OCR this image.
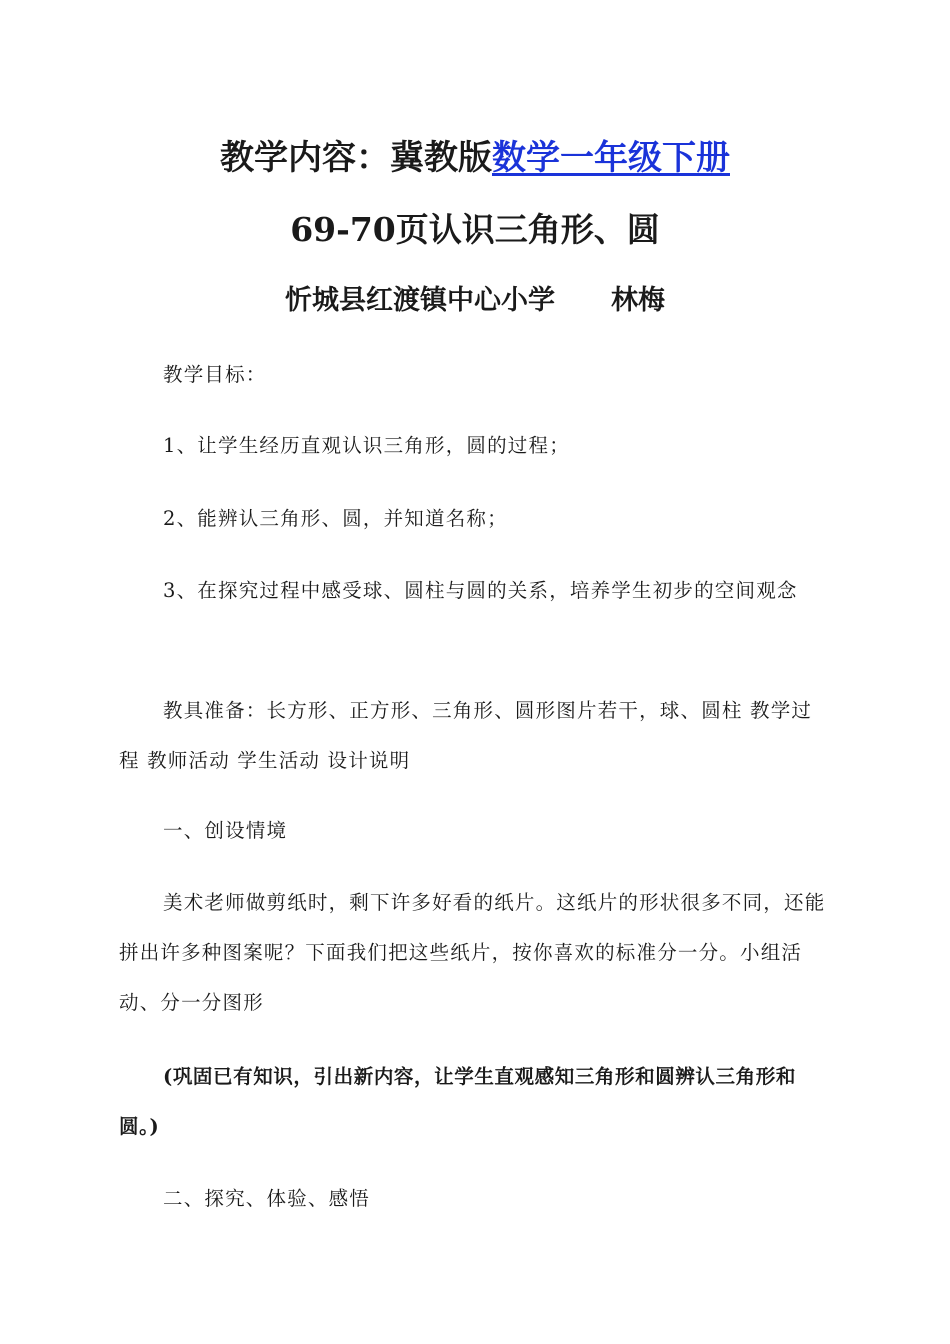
教学内容：冀教版数学一年级下册
69-70页认识三角形、圆
忻城县红渡镇中心小学 林梅

教学目标：

1、让学生经历直观认识三角形，圆的过程；

2、能辨认三角形、圆，并知道名称；

3、在探究过程中感受球、圆柱与圆的关系，培养学生初步的空间观念

教具准备：长方形、正方形、三角形、圆形图片若干，球、圆柱 教学过程 教师活动 学生活动 设计说明

一、创设情境

美术老师做剪纸时，剩下许多好看的纸片。这纸片的形状很多不同，还能拼出许多种图案呢？下面我们把这些纸片，按你喜欢的标准分一分。小组活动、分一分图形

(巩固已有知识，引出新内容，让学生直观感知三角形和圆辨认三角形和圆。)

二、探究、体验、感悟
